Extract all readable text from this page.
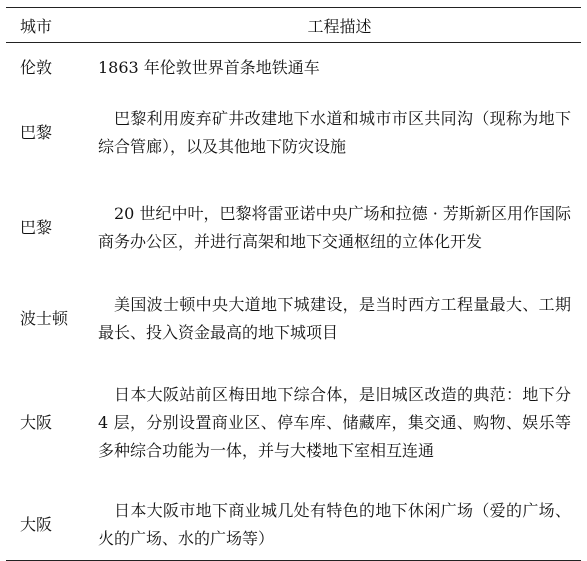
城市	工程描述
伦敦	1863 年伦敦世界首条地铁通车

巴黎	巴黎利用废弃矿井改建地下水道和城市市区共同沟（现称为地下综合管廊），以及其他地下防灾设施

巴黎	20 世纪中叶，巴黎将雷亚诺中央广场和拉德 · 芳斯新区用作国际商务办公区，并进行高架和地下交通枢纽的立体化开发

波士顿	美国波士顿中央大道地下城建设，是当时西方工程量最大、工期最长、投入资金最高的地下城项目

大阪	日本大阪站前区梅田地下综合体，是旧城区改造的典范：地下分 4 层，分别设置商业区、停车库、储藏库，集交通、购物、娱乐等多种综合功能为一体，并与大楼地下室相互连通

大阪	日本大阪市地下商业城几处有特色的地下休闲广场（爱的广场、火的广场、水的广场等）
